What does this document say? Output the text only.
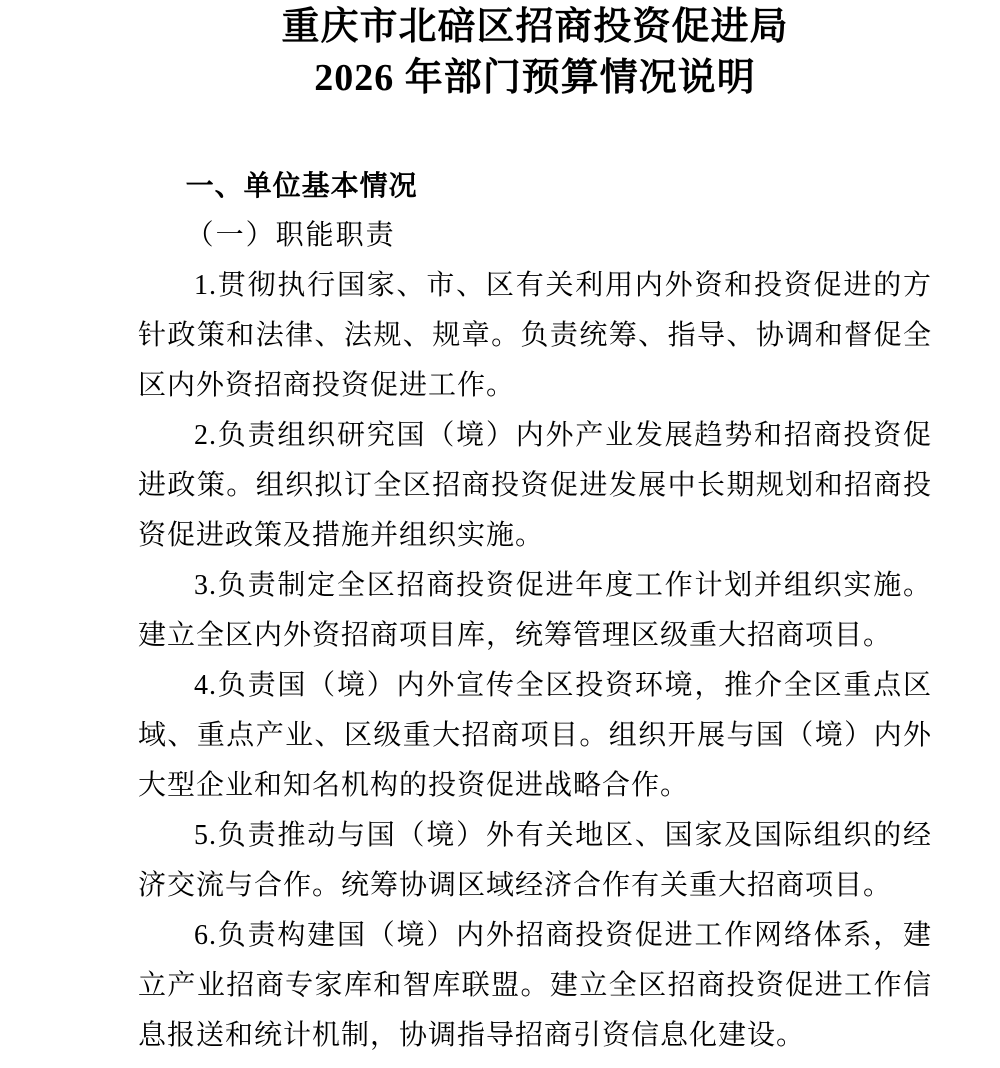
重庆市北碚区招商投资促进局
2026 年部门预算情况说明
一、单位基本情况
（一）职能职责

1.贯彻执行国家、市、区有关利用内外资和投资促进的方针政策和法律、法规、规章。负责统筹、指导、协调和督促全区内外资招商投资促进工作。

2.负责组织研究国（境）内外产业发展趋势和招商投资促进政策。组织拟订全区招商投资促进发展中长期规划和招商投资促进政策及措施并组织实施。

3.负责制定全区招商投资促进年度工作计划并组织实施。建立全区内外资招商项目库，统筹管理区级重大招商项目。

4.负责国（境）内外宣传全区投资环境，推介全区重点区域、重点产业、区级重大招商项目。组织开展与国（境）内外大型企业和知名机构的投资促进战略合作。

5.负责推动与国（境）外有关地区、国家及国际组织的经济交流与合作。统筹协调区域经济合作有关重大招商项目。

6.负责构建国（境）内外招商投资促进工作网络体系，建立产业招商专家库和智库联盟。建立全区招商投资促进工作信息报送和统计机制，协调指导招商引资信息化建设。
